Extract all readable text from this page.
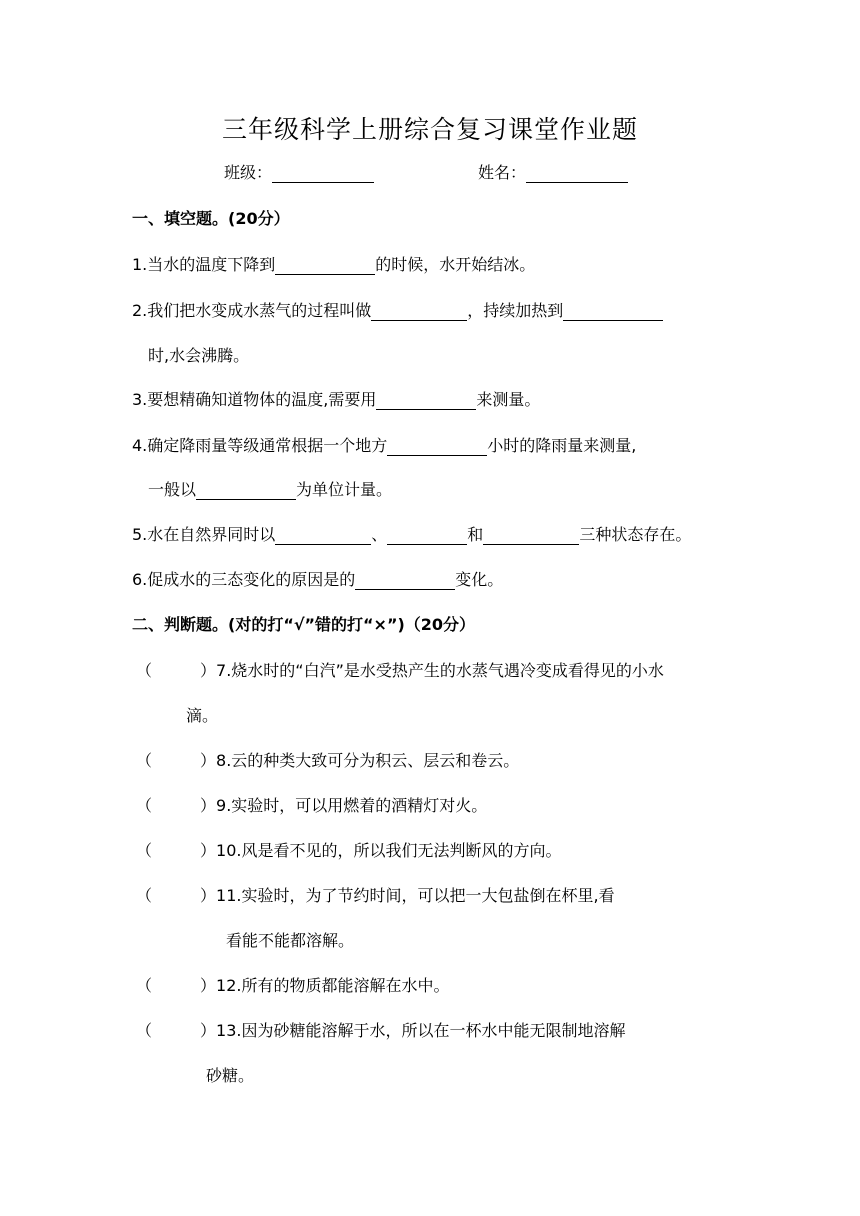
三年级科学上册综合复习课堂作业题
班级：	姓名：
一、填空题。(20分）
1.当水的温度下降到	的时候，水开始结冰。
2.我们把水变成水蒸气的过程叫做	，持续加热到
时,水会沸腾。
3.要想精确知道物体的温度,需要用	来测量。
4.确定降雨量等级通常根据一个地方	小时的降雨量来测量,
一般以	为单位计量。
5.水在自然界同时以	、	和	三种状态存在。
6.促成水的三态变化的原因是的	变化。
二、判断题。(对的打“√”错的打“×”)（20分）
（	）7.烧水时的“白汽”是水受热产生的水蒸气遇冷变成看得见的小水
滴。
（	）8.云的种类大致可分为积云、层云和卷云。
（	）9.实验时，可以用燃着的酒精灯对火。
（	）10.风是看不见的，所以我们无法判断风的方向。
（	）11.实验时，为了节约时间，可以把一大包盐倒在杯里,看
看能不能都溶解。
（	）12.所有的物质都能溶解在水中。
（	）13.因为砂糖能溶解于水，所以在一杯水中能无限制地溶解
砂糖。
